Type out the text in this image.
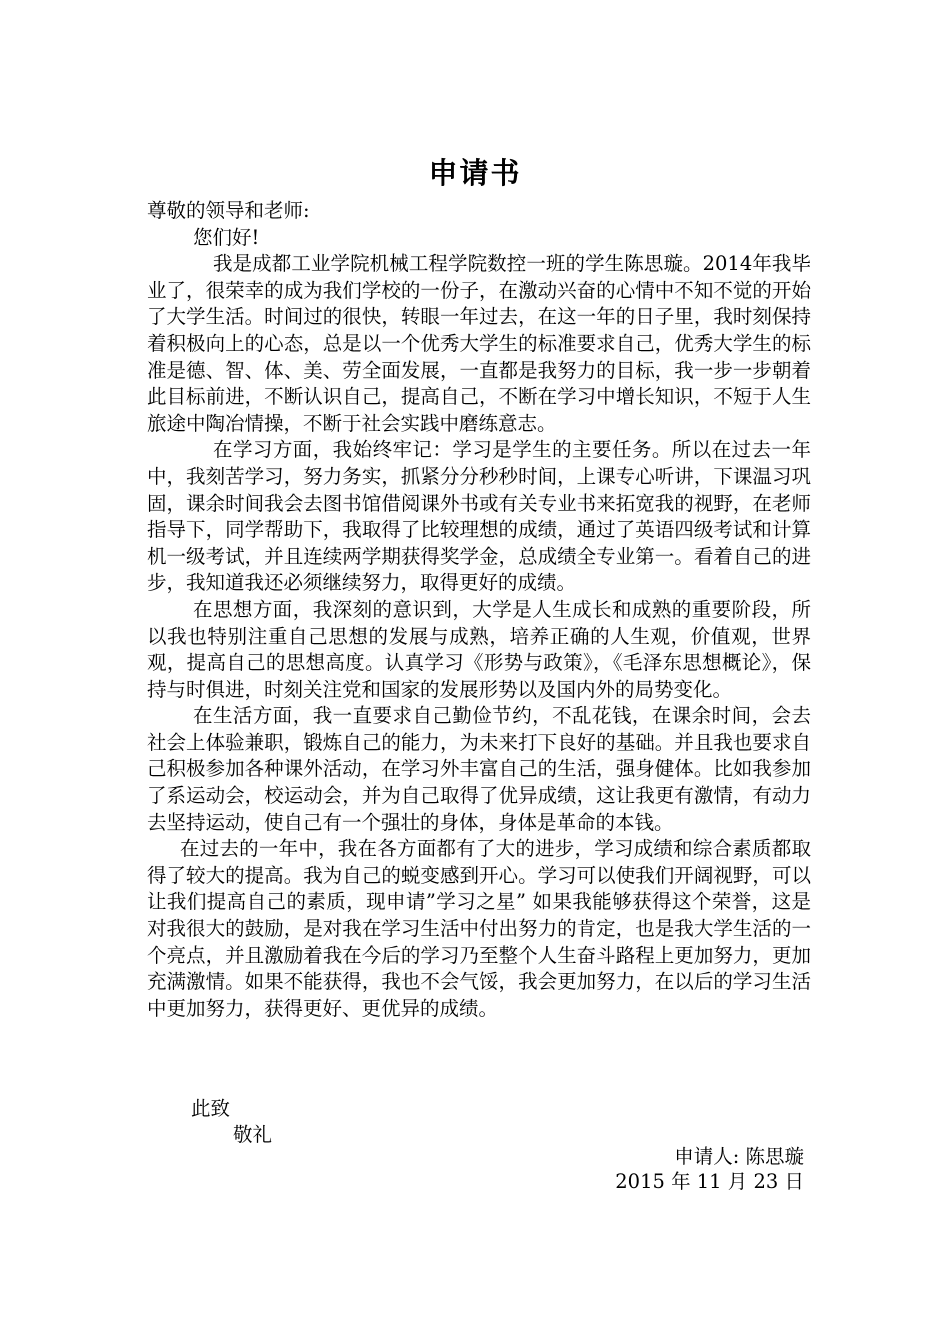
申请书
尊敬的领导和老师:
您们好!
我是成都工业学院机械工程学院数控一班的学生陈思璇。2014年我毕业了，很荣幸的成为我们学校的一份子，在激动兴奋的心情中不知不觉的开始了大学生活。时间过的很快，转眼一年过去，在这一年的日子里，我时刻保持着积极向上的心态，总是以一个优秀大学生的标准要求自己，优秀大学生的标准是德、智、体、美、劳全面发展，一直都是我努力的目标，我一步一步朝着此目标前进，不断认识自己，提高自己，不断在学习中增长知识，不短于人生旅途中陶冶情操，不断于社会实践中磨练意志。
在学习方面，我始终牢记：学习是学生的主要任务。所以在过去一年中，我刻苦学习，努力务实，抓紧分分秒秒时间，上课专心听讲，下课温习巩固，课余时间我会去图书馆借阅课外书或有关专业书来拓宽我的视野，在老师指导下，同学帮助下，我取得了比较理想的成绩，通过了英语四级考试和计算机一级考试，并且连续两学期获得奖学金，总成绩全专业第一。看着自己的进步，我知道我还必须继续努力，取得更好的成绩。
在思想方面，我深刻的意识到，大学是人生成长和成熟的重要阶段，所以我也特别注重自己思想的发展与成熟，培养正确的人生观，价值观，世界观，提高自己的思想高度。认真学习《形势与政策》，《毛泽东思想概论》，保持与时俱进，时刻关注党和国家的发展形势以及国内外的局势变化。
在生活方面，我一直要求自己勤俭节约，不乱花钱，在课余时间，会去社会上体验兼职，锻炼自己的能力，为未来打下良好的基础。并且我也要求自己积极参加各种课外活动，在学习外丰富自己的生活，强身健体。比如我参加了系运动会，校运动会，并为自己取得了优异成绩，这让我更有激情，有动力去坚持运动，使自己有一个强壮的身体，身体是革命的本钱。
在过去的一年中，我在各方面都有了大的进步，学习成绩和综合素质都取得了较大的提高。我为自己的蜕变感到开心。学习可以使我们开阔视野，可以让我们提高自己的素质，现申请”学习之星” 如果我能够获得这个荣誉，这是对我很大的鼓励，是对我在学习生活中付出努力的肯定，也是我大学生活的一个亮点，并且激励着我在今后的学习乃至整个人生奋斗路程上更加努力，更加充满激情。如果不能获得，我也不会气馁，我会更加努力，在以后的学习生活中更加努力，获得更好、更优异的成绩。
此致
敬礼
申请人: 陈思璇
2015 年 11 月 23 日
